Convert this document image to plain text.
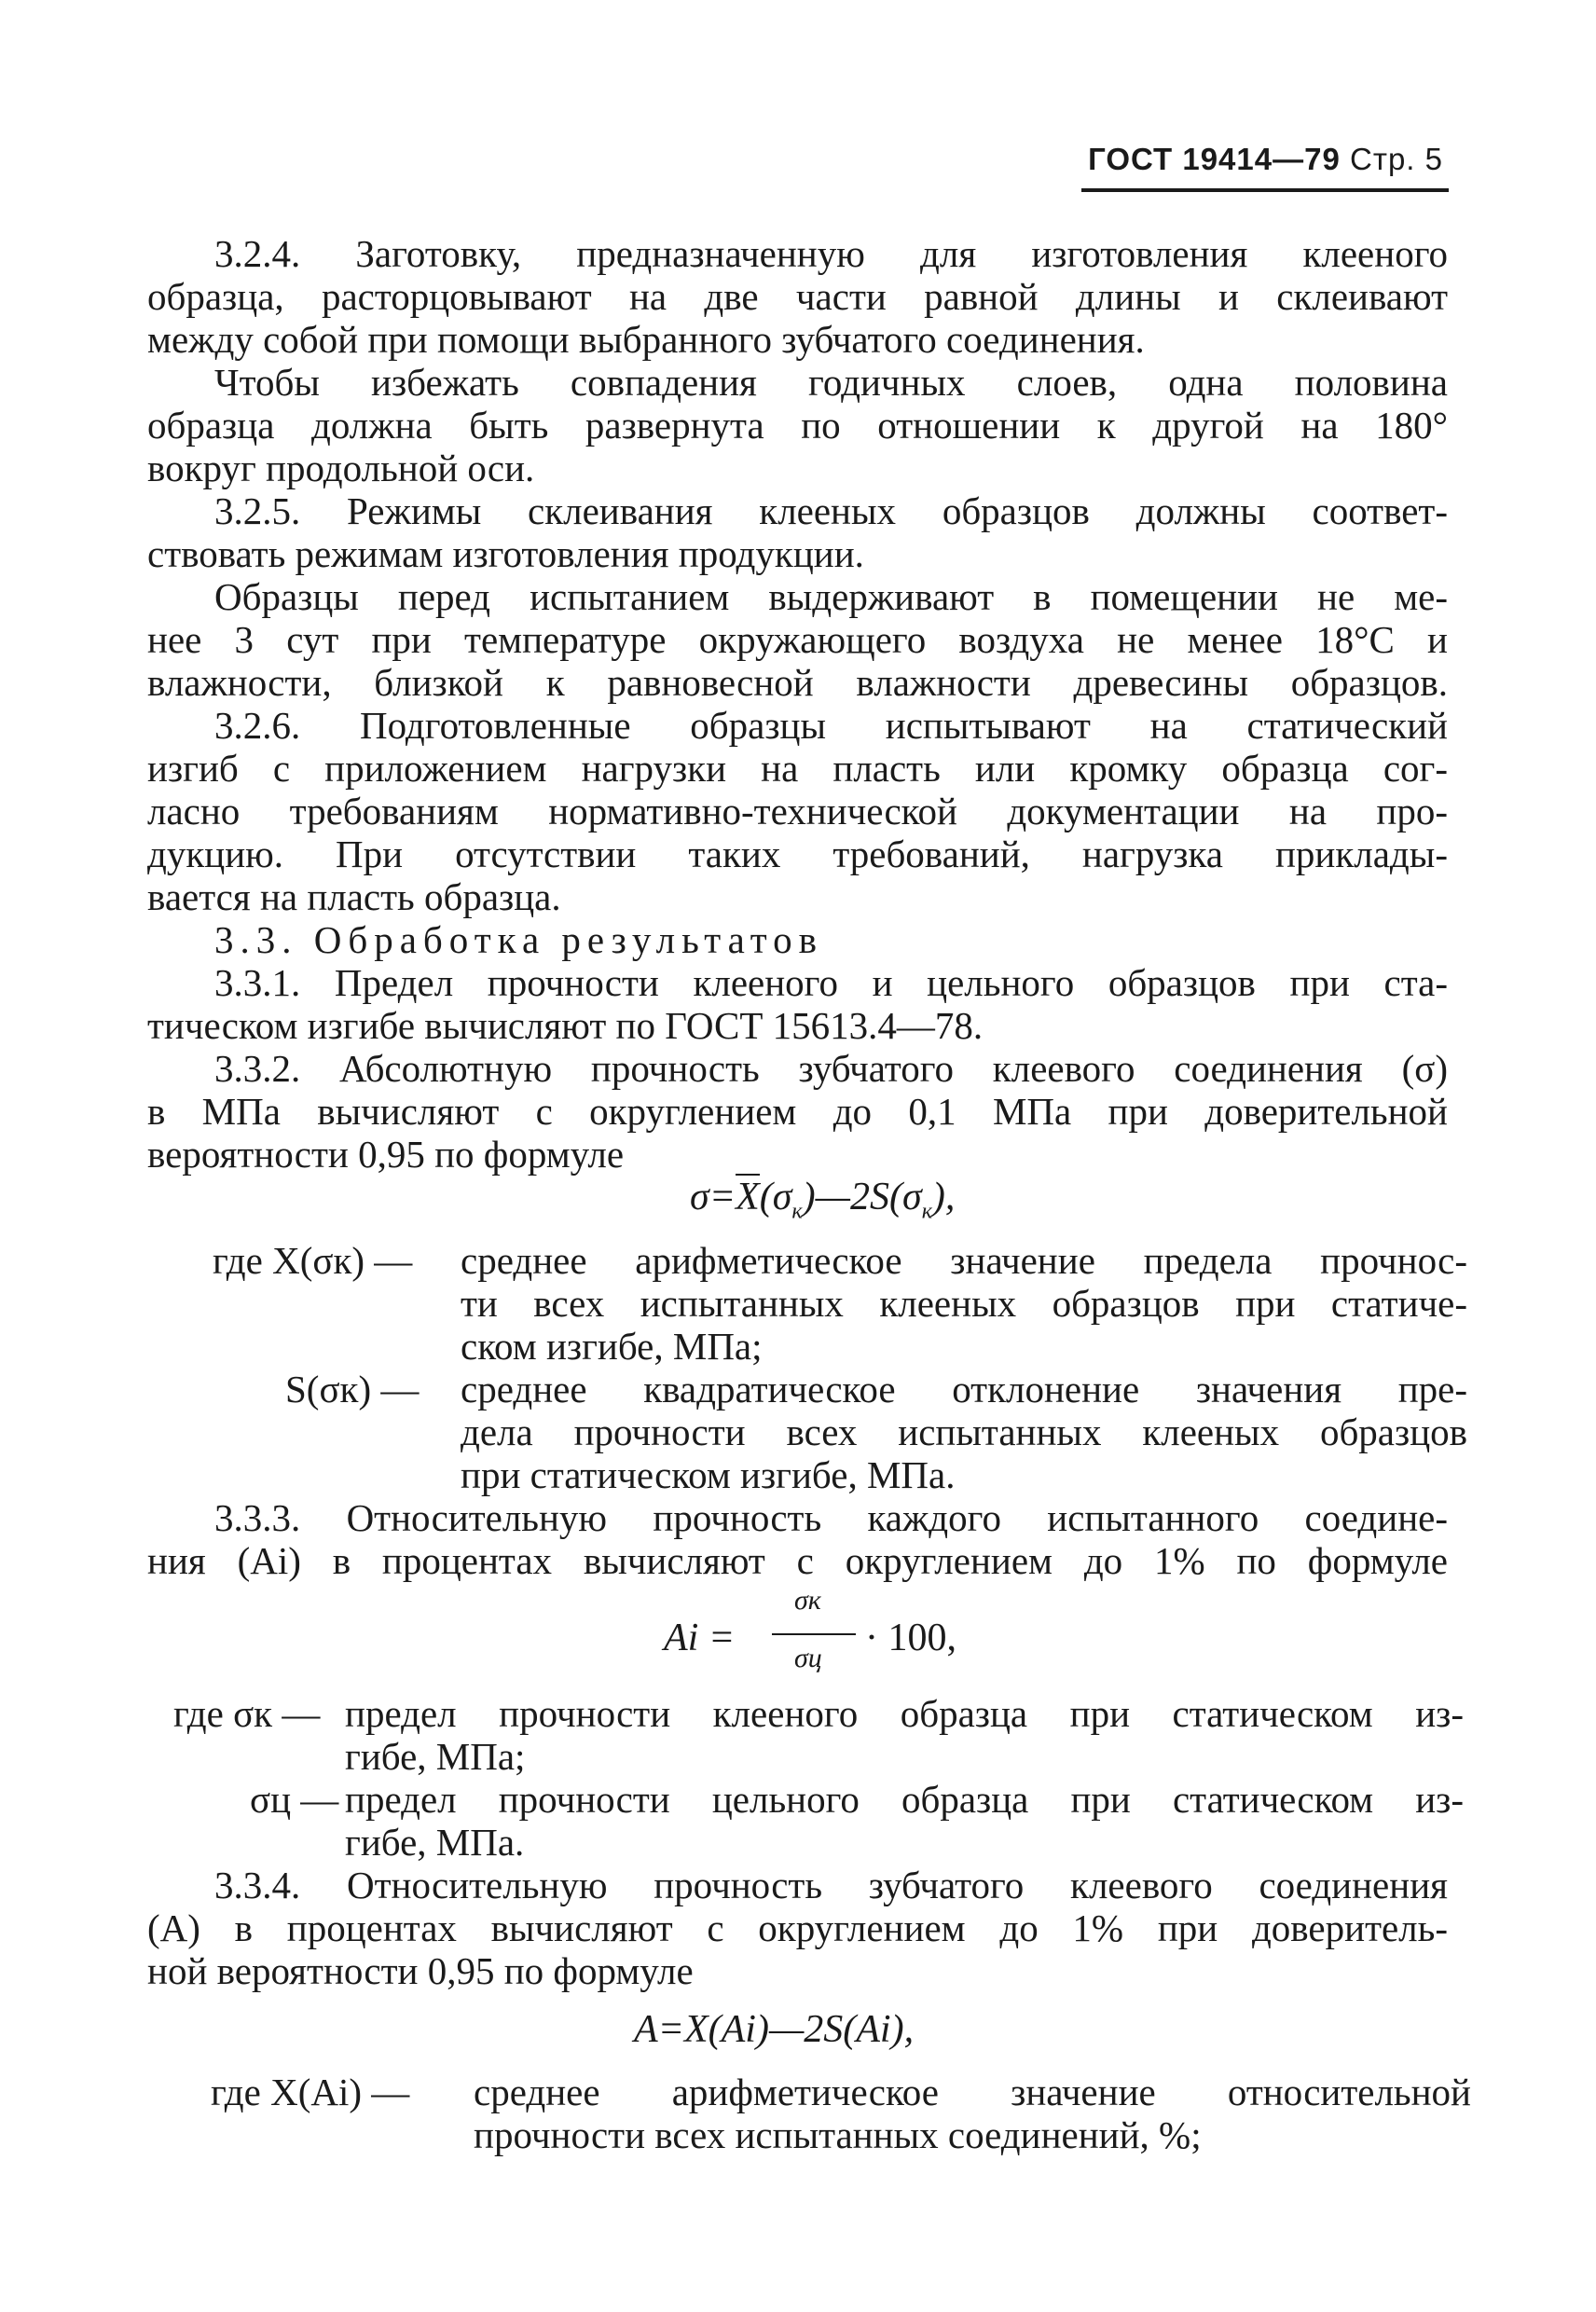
ГОСТ 19414—79 Стр. 5
3.2.4. Заготовку, предназначенную для изготовления клееного
образца, расторцовывают на две части равной длины и склеивают
между собой при помощи выбранного зубчатого соединения.
Чтобы избежать совпадения годичных слоев, одна половина
образца должна быть развернута по отношении к другой на 180°
вокруг продольной оси.
3.2.5. Режимы склеивания клееных образцов должны соответ-
ствовать режимам изготовления продукции.
Образцы перед испытанием выдерживают в помещении не ме-
нее 3 сут при температуре окружающего воздуха не менее 18°С и
влажности, близкой к равновесной влажности древесины образцов.
3.2.6. Подготовленные образцы испытывают на статический
изгиб с приложением нагрузки на пласть или кромку образца сог-
ласно требованиям нормативно-технической документации на про-
дукцию. При отсутствии таких требований, нагрузка приклады-
вается на пласть образца.
3.3. Обработка результатов
3.3.1. Предел прочности клееного и цельного образцов при ста-
тическом изгибе вычисляют по ГОСТ 15613.4—78.
3.3.2. Абсолютную прочность зубчатого клеевого соединения (σ)
в МПа вычисляют с округлением до 0,1 МПа при доверительной
вероятности 0,95 по формуле
$\sigma=X(\sigma_к)—2S(\sigma_к)$,
где X(σк) — среднее арифметическое значение предела прочнос-
ти всех испытанных клееных образцов при статиче-
ском изгибе, МПа;
S(σк) — среднее квадратическое отклонение значения пре-
дела прочности всех испытанных клееных образцов
при статическом изгибе, МПа.
3.3.3. Относительную прочность каждого испытанного соедине-
ния (Ai) в процентах вычисляют с округлением до 1% по формуле
Ai =
σк
σц · 100,
где σк — предел прочности клееного образца при статическом из-
гибе, МПа;
σц — предел прочности цельного образца при статическом из-
гибе, МПа.
3.3.4. Относительную прочность зубчатого клеевого соединения
(А) в процентах вычисляют с округлением до 1% при доверитель-
ной вероятности 0,95 по формуле
A=X(Ai)—2S(Ai),
где X(Ai) — среднее арифметическое значение относительной
прочности всех испытанных соединений, %;
